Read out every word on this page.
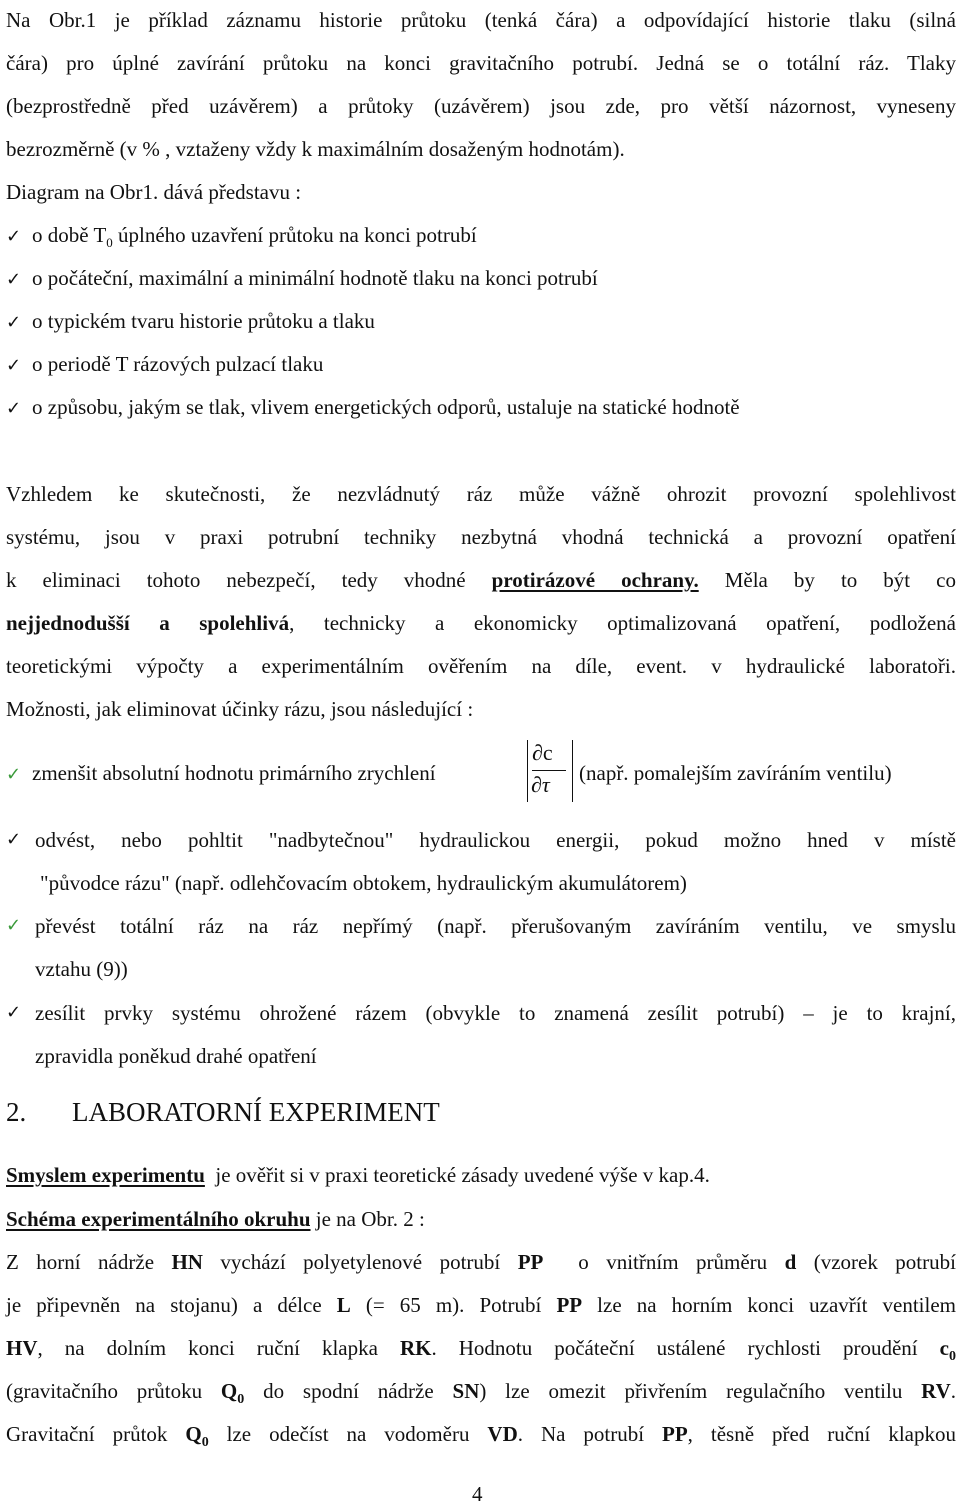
Na Obr.1 je příklad záznamu historie průtoku (tenká čára) a odpovídající historie tlaku (silná
čára) pro úplné zavírání průtoku na konci gravitačního potrubí. Jedná se o totální ráz. Tlaky
(bezprostředně před uzávěrem) a průtoky (uzávěrem) jsou zde, pro větší názornost, vyneseny
bezrozměrně (v % , vztaženy vždy k maximálním dosaženým hodnotám).
Diagram na Obr1. dává představu :
✓ o době $T_0$ úplného uzavření průtoku na konci potrubí
✓ o počáteční, maximální a minimální hodnotě tlaku na konci potrubí
✓ o typickém tvaru historie průtoku a tlaku
✓ o periodě T rázových pulzací tlaku
✓ o způsobu, jakým se tlak, vlivem energetických odporů, ustaluje na statické hodnotě
Vzhledem ke skutečnosti, že nezvládnutý ráz může vážně ohrozit provozní spolehlivost
systému, jsou v praxi potrubní techniky nezbytná vhodná technická a provozní opatření
k eliminaci tohoto nebezpečí, tedy vhodné protirázové ochrany. Měla by to být co
nejjednodušší a spolehlivá, technicky a ekonomicky optimalizovaná opatření, podložená
teoretickými výpočty a experimentálním ověřením na díle, event. v hydraulické laboratoři.
Možnosti, jak eliminovat účinky rázu, jsou následující :
✓ zmenšit absolutní hodnotu primárního zrychlení
∂c
∂τ (např. pomalejším zavíráním ventilu)
✓ odvést, nebo pohltit "nadbytečnou" hydraulickou energii, pokud možno hned v místě
"původce rázu" (např. odlehčovacím obtokem, hydraulickým akumulátorem)
✓ převést totální ráz na ráz nepřímý (např. přerušovaným zavíráním ventilu, ve smyslu
vztahu (9))
✓ zesílit prvky systému ohrožené rázem (obvykle to znamená zesílit potrubí) – je to krajní,
zpravidla poněkud drahé opatření
2. LABORATORNÍ EXPERIMENT
Smyslem experimentu  je ověřit si v praxi teoretické zásady uvedené výše v kap.4.
Schéma experimentálního okruhu je na Obr. 2 :
Z horní nádrže HN vychází polyetylenové potrubí PP  o vnitřním průměru d (vzorek potrubí
je připevněn na stojanu) a délce L (= 65 m). Potrubí PP lze na horním konci uzavřít ventilem
HV, na dolním konci ruční klapka RK. Hodnotu počáteční ustálené rychlosti proudění $c_0$
(gravitačního průtoku $Q_0$ do spodní nádrže SN) lze omezit přivřením regulačního ventilu RV.
Gravitační průtok $Q_0$ lze odečíst na vodoměru VD. Na potrubí PP, těsně před ruční klapkou
4
